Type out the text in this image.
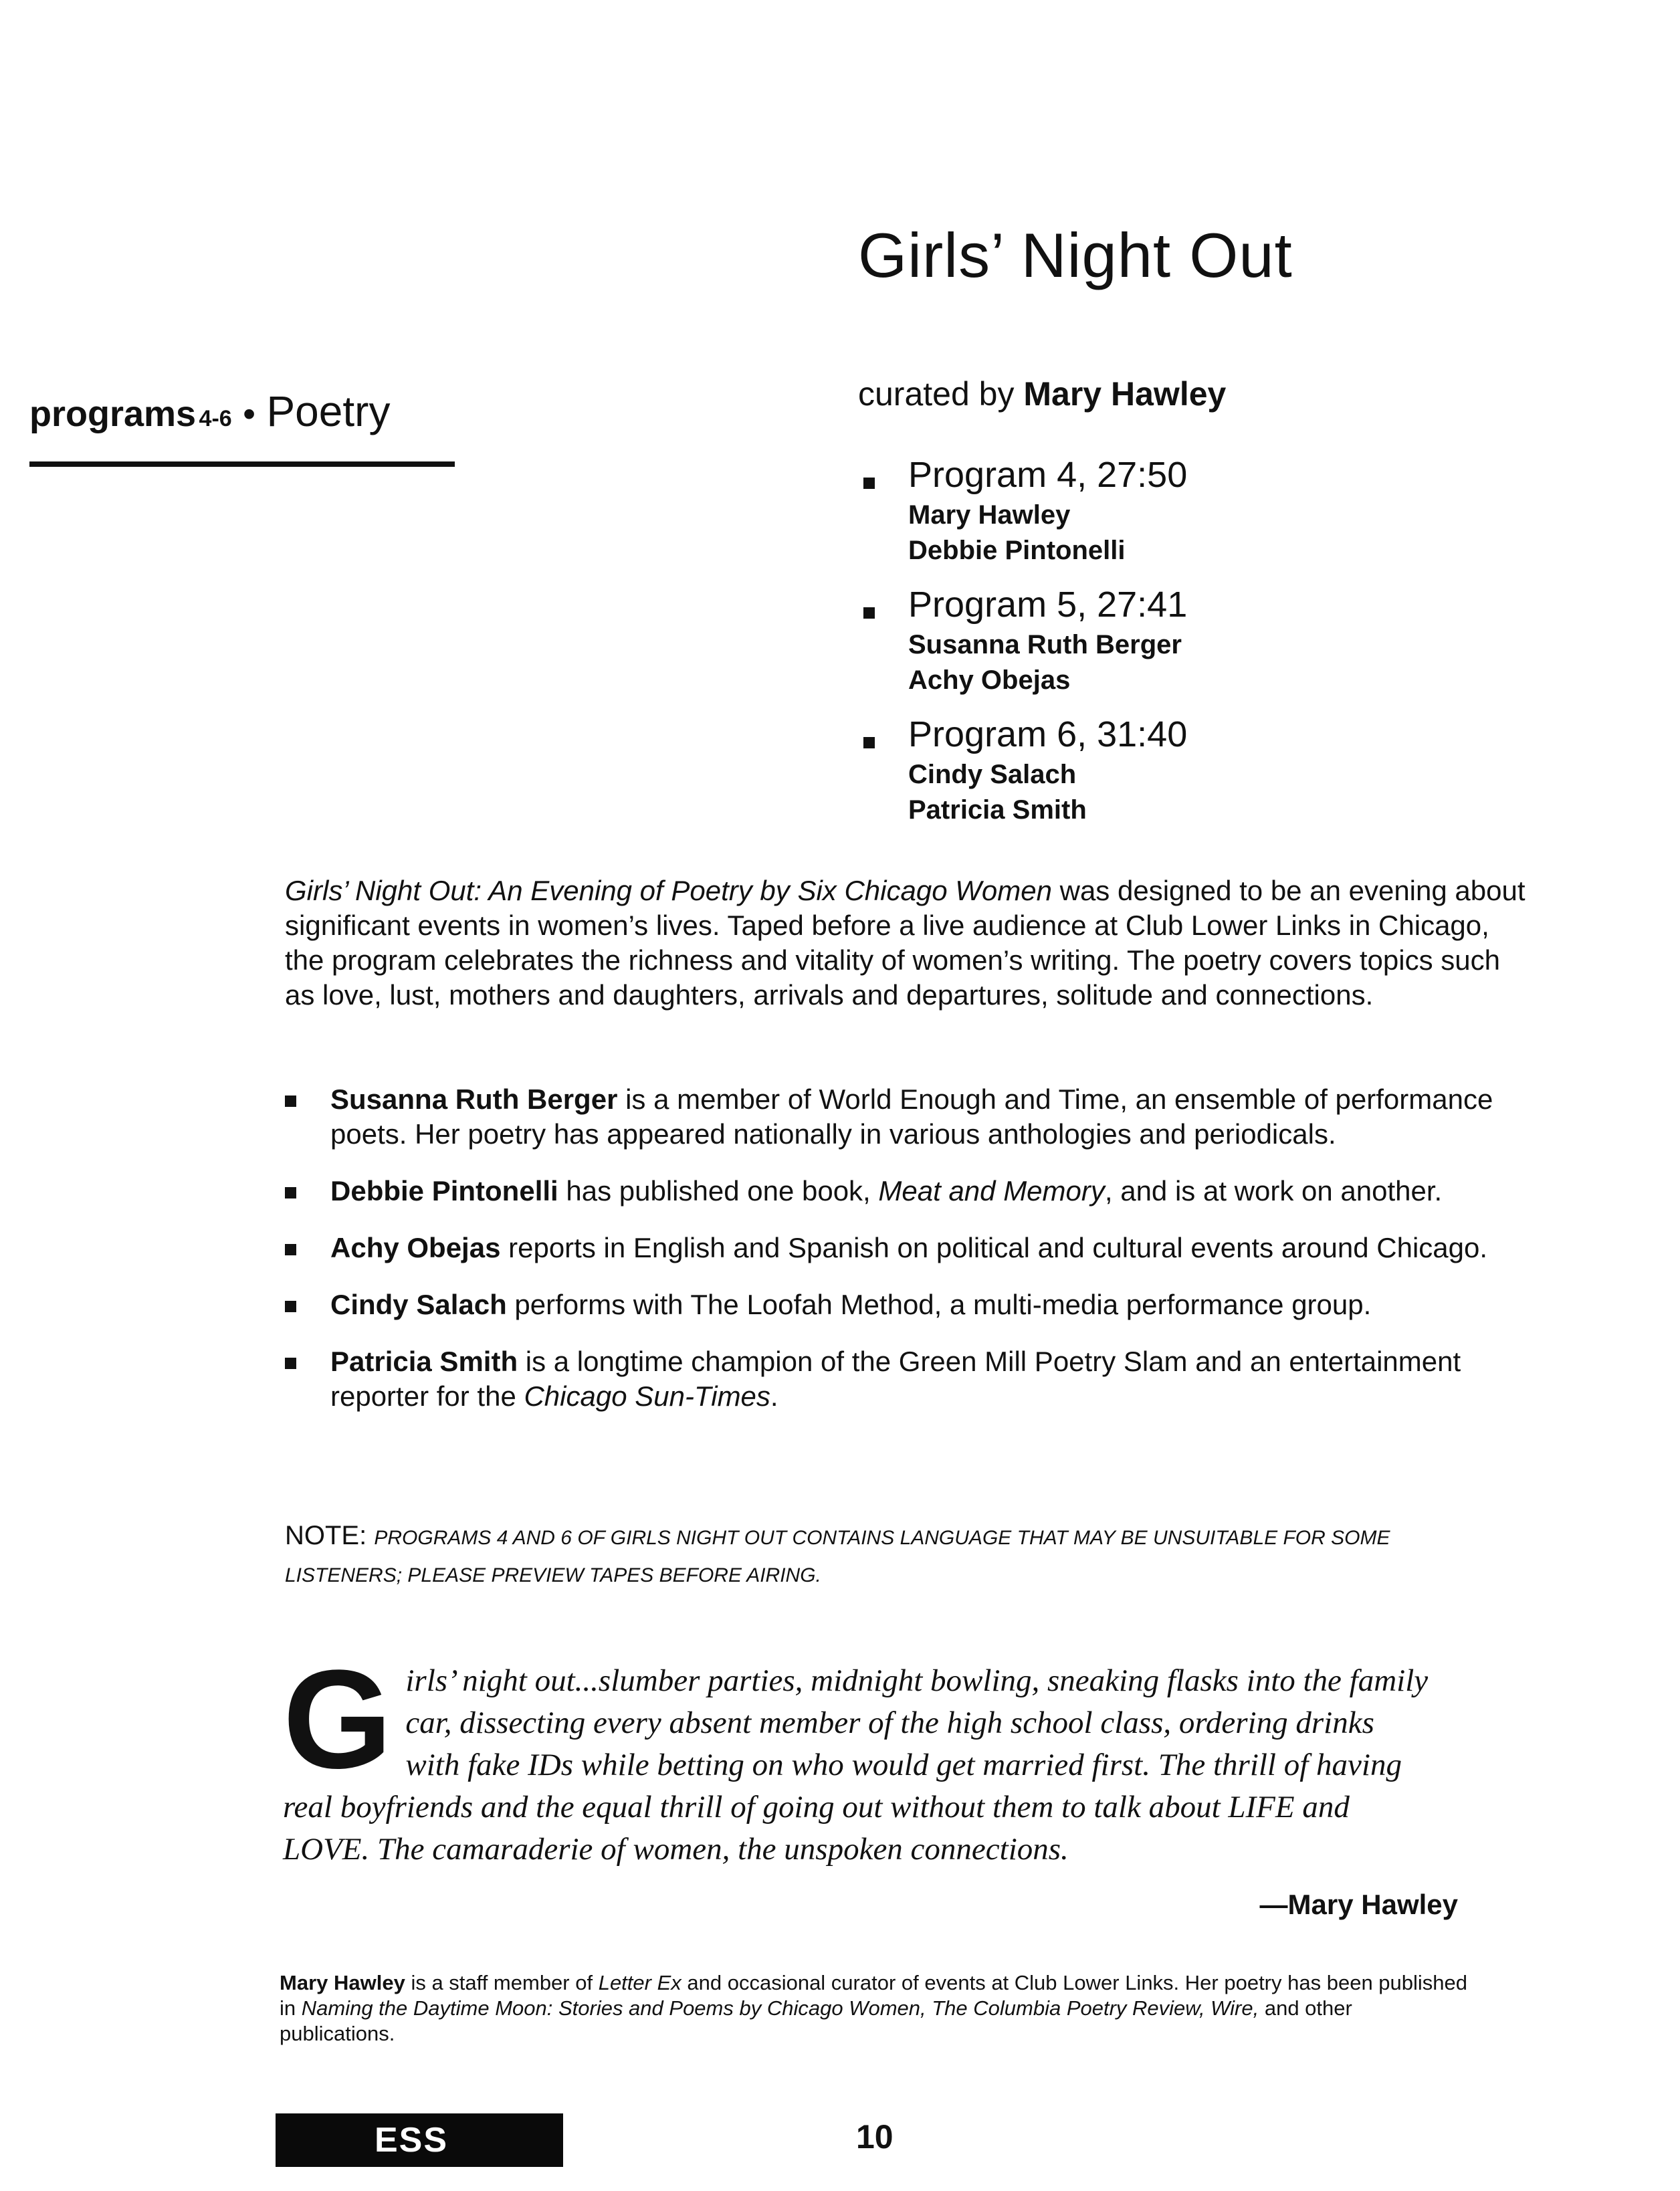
Girls’ Night Out
programs 4-6 • Poetry	curated by Mary Hawley
Program 4, 27:50
Mary Hawley
Debbie Pintonelli
Program 5, 27:41
Susanna Ruth Berger
Achy Obejas
Program 6, 31:40
Cindy Salach
Patricia Smith
Girls’ Night Out: An Evening of Poetry by Six Chicago Women was designed to be an evening about significant events in women’s lives. Taped before a live audience at Club Lower Links in Chicago, the program celebrates the richness and vitality of women’s writing. The poetry covers topics such as love, lust, mothers and daughters, arrivals and departures, solitude and connections.
Susanna Ruth Berger is a member of World Enough and Time, an ensemble of performance poets. Her poetry has appeared nationally in various anthologies and periodicals.
Debbie Pintonelli has published one book, Meat and Memory, and is at work on another.
Achy Obejas reports in English and Spanish on political and cultural events around Chicago.
Cindy Salach performs with The Loofah Method, a multi-media performance group.
Patricia Smith is a longtime champion of the Green Mill Poetry Slam and an entertainment reporter for the Chicago Sun-Times.
NOTE: PROGRAMS 4 AND 6 OF GIRLS NIGHT OUT CONTAINS LANGUAGE THAT MAY BE UNSUITABLE FOR SOME LISTENERS; PLEASE PREVIEW TAPES BEFORE AIRING.
Girls’ night out...slumber parties, midnight bowling, sneaking flasks into the family car, dissecting every absent member of the high school class, ordering drinks with fake IDs while betting on who would get married first. The thrill of having real boyfriends and the equal thrill of going out without them to talk about LIFE and LOVE. The camaraderie of women, the unspoken connections.
—Mary Hawley
Mary Hawley is a staff member of Letter Ex and occasional curator of events at Club Lower Links. Her poetry has been published in Naming the Daytime Moon: Stories and Poems by Chicago Women, The Columbia Poetry Review, Wire, and other publications.
ESS	10
